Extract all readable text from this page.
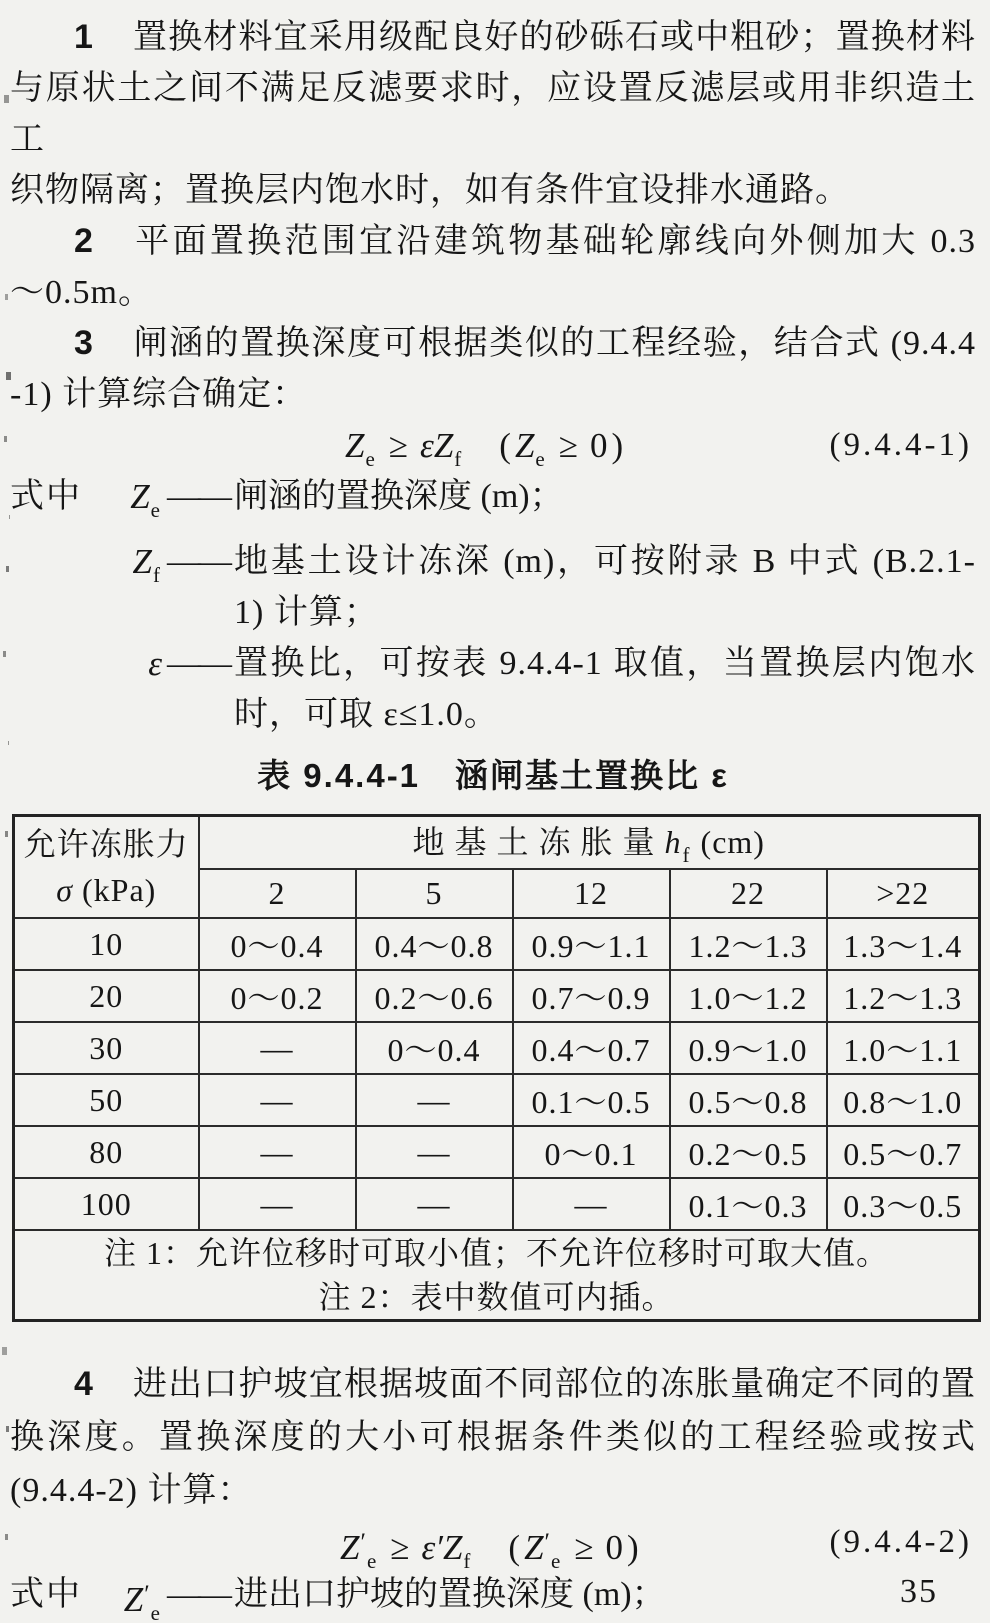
1 置换材料宜采用级配良好的砂砾石或中粗砂；置换材料
与原状土之间不满足反滤要求时，应设置反滤层或用非织造土工
织物隔离；置换层内饱水时，如有条件宜设排水通路。
2 平面置换范围宜沿建筑物基础轮廓线向外侧加大 0.3
～0.5m。
3 闸涵的置换深度可根据类似的工程经验，结合式 (9.4.4
-1) 计算综合确定：
$Z_e \ge \varepsilon Z_f$ ( $Z_e \ge 0$ )	(9.4.4-1)
式中	$Z_e$ —— 闸涵的置换深度 (m)；
$Z_f$ —— 地基土设计冻深 (m)，可按附录 B 中式 (B.2.1-
1) 计算；
ε —— 置换比，可按表 9.4.4-1 取值，当置换层内饱水
时，可取 ε≤1.0。
表 9.4.4-1　涵闸基土置换比 ε
允许冻胀力
σ (kPa)	地 基 土 冻 胀 量 $h_f$ (cm)				
	2	5	12	22	>22
10	0～0.4	0.4～0.8	0.9～1.1	1.2～1.3	1.3～1.4
20	0～0.2	0.2～0.6	0.7～0.9	1.0～1.2	1.2～1.3
30	—	0～0.4	0.4～0.7	0.9～1.0	1.0～1.1
50	—	—	0.1～0.5	0.5～0.8	0.8～1.0
80	—	—	0～0.1	0.2～0.5	0.5～0.7
100	—	—	—	0.1～0.3	0.3～0.5

注 1：允许位移时可取小值；不允许位移时可取大值。
注 2：表中数值可内插。					
4 进出口护坡宜根据坡面不同部位的冻胀量确定不同的置
换深度。置换深度的大小可根据条件类似的工程经验或按式
(9.4.4-2) 计算：
$Z'_e \ge \varepsilon'Z_f$ ( $Z'_e \ge 0$ )	(9.4.4-2)
式中	$Z'_e$ —— 进出口护坡的置换深度 (m)；	35
